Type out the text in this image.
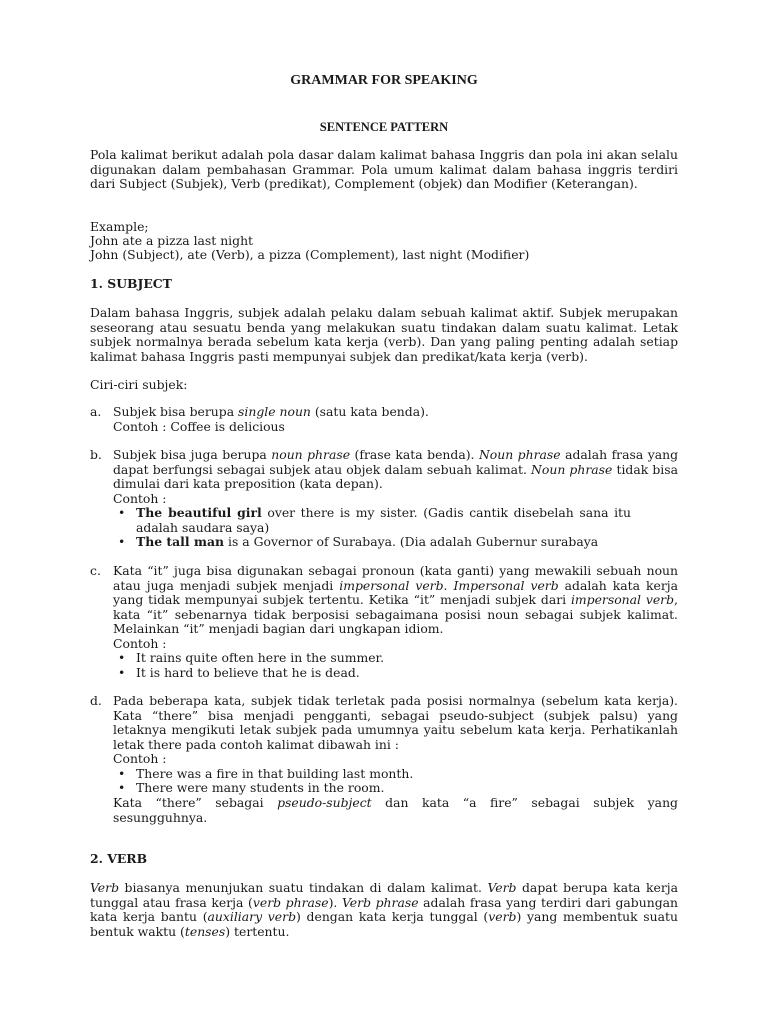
GRAMMAR FOR SPEAKING
SENTENCE PATTERN
Pola kalimat berikut adalah pola dasar dalam kalimat bahasa Inggris dan pola ini akan selalu digunakan dalam pembahasan Grammar. Pola umum kalimat dalam bahasa inggris terdiri dari Subject (Subjek), Verb (predikat), Complement (objek) dan Modifier (Keterangan).
Example;
John ate a pizza last night
John (Subject), ate (Verb), a pizza (Complement), last night (Modifier)
1. SUBJECT
Dalam bahasa Inggris, subjek adalah pelaku dalam sebuah kalimat aktif. Subjek merupakan seseorang atau sesuatu benda yang melakukan suatu tindakan dalam suatu kalimat. Letak subjek normalnya berada sebelum kata kerja (verb). Dan yang paling penting adalah setiap kalimat bahasa Inggris pasti mempunyai subjek dan predikat/kata kerja (verb).
Ciri-ciri subjek:
a. Subjek bisa berupa single noun (satu kata benda).
Contoh : Coffee is delicious
b. Subjek bisa juga berupa noun phrase (frase kata benda). Noun phrase adalah frasa yang dapat berfungsi sebagai subjek atau objek dalam sebuah kalimat. Noun phrase tidak bisa dimulai dari kata preposition (kata depan).
Contoh :
• The beautiful girl over there is my sister. (Gadis cantik disebelah sana itu adalah saudara saya)
• The tall man is a Governor of Surabaya. (Dia adalah Gubernur surabaya
c. Kata “it” juga bisa digunakan sebagai pronoun (kata ganti) yang mewakili sebuah noun atau juga menjadi subjek menjadi impersonal verb. Impersonal verb adalah kata kerja yang tidak mempunyai subjek tertentu. Ketika “it” menjadi subjek dari impersonal verb, kata “it” sebenarnya tidak berposisi sebagaimana posisi noun sebagai subjek kalimat. Melainkan “it” menjadi bagian dari ungkapan idiom.
Contoh :
• It rains quite often here in the summer.
• It is hard to believe that he is dead.
d. Pada beberapa kata, subjek tidak terletak pada posisi normalnya (sebelum kata kerja). Kata “there” bisa menjadi pengganti, sebagai pseudo-subject (subjek palsu) yang letaknya mengikuti letak subjek pada umumnya yaitu sebelum kata kerja. Perhatikanlah letak there pada contoh kalimat dibawah ini :
Contoh :
• There was a fire in that building last month.
• There were many students in the room.
Kata “there” sebagai pseudo-subject dan kata “a fire” sebagai subjek yang sesungguhnya.
2. VERB
Verb biasanya menunjukan suatu tindakan di dalam kalimat. Verb dapat berupa kata kerja tunggal atau frasa kerja (verb phrase). Verb phrase adalah frasa yang terdiri dari gabungan kata kerja bantu (auxiliary verb) dengan kata kerja tunggal (verb) yang membentuk suatu bentuk waktu (tenses) tertentu.
